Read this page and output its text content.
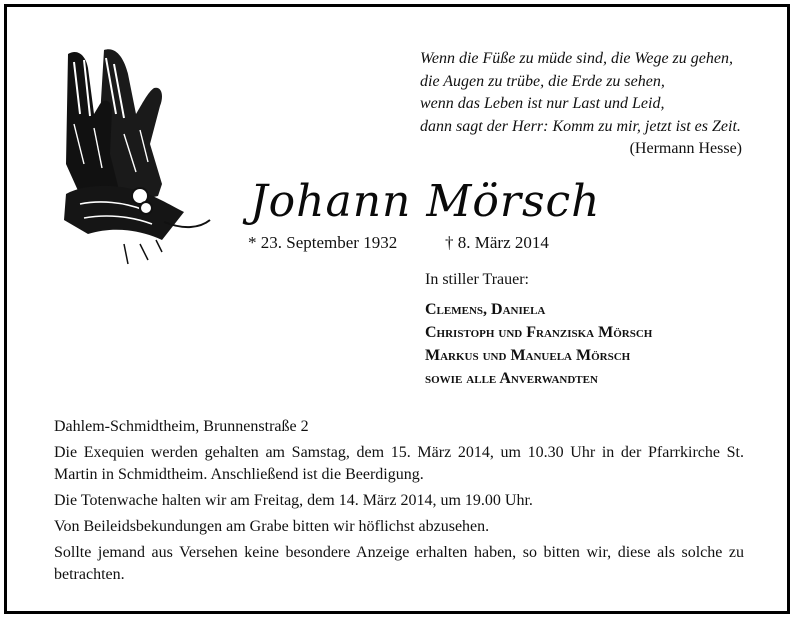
Wenn die Füße zu müde sind, die Wege zu gehen,
die Augen zu trübe, die Erde zu sehen,
wenn das Leben ist nur Last und Leid,
dann sagt der Herr: Komm zu mir, jetzt ist es Zeit.
(Hermann Hesse)
Johann Mörsch
* 23. September 1932	† 8. März 2014
In stiller Trauer:
Clemens, Daniela
Christoph und Franziska Mörsch
Markus und Manuela Mörsch
sowie alle Anverwandten

Dahlem-Schmidtheim, Brunnenstraße 2

Die Exequien werden gehalten am Samstag, dem 15. März 2014, um 10.30 Uhr in der Pfarrkirche St. Martin in Schmidtheim. Anschließend ist die Beerdigung.

Die Totenwache halten wir am Freitag, dem 14. März 2014, um 19.00 Uhr.

Von Beileidsbekundungen am Grabe bitten wir höflichst abzusehen.

Sollte jemand aus Versehen keine besondere Anzeige erhalten haben, so bitten wir, diese als solche zu betrachten.
